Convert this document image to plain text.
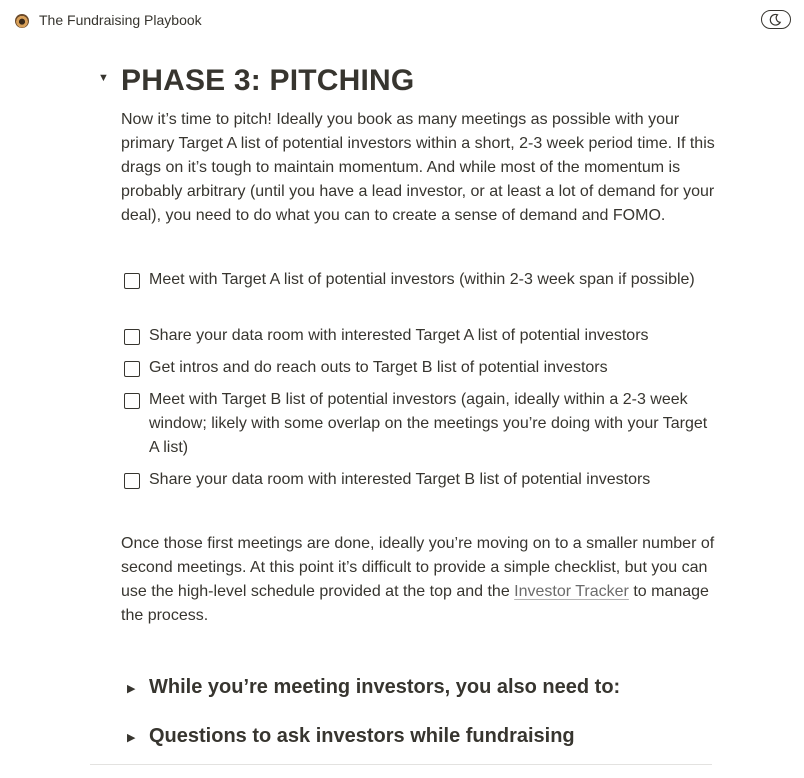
The Fundraising Playbook
▼ PHASE 3: PITCHING
Now it’s time to pitch! Ideally you book as many meetings as possible with your primary Target A list of potential investors within a short, 2-3 week period time. If this drags on it’s tough to maintain momentum. And while most of the momentum is probably arbitrary (until you have a lead investor, or at least a lot of demand for your deal), you need to do what you can to create a sense of demand and FOMO.
Meet with Target A list of potential investors (within 2-3 week span if possible)
Share your data room with interested Target A list of potential investors
Get intros and do reach outs to Target B list of potential investors
Meet with Target B list of potential investors (again, ideally within a 2-3 week window; likely with some overlap on the meetings you’re doing with your Target A list)
Share your data room with interested Target B list of potential investors
Once those first meetings are done, ideally you’re moving on to a smaller number of second meetings. At this point it’s difficult to provide a simple checklist, but you can use the high-level schedule provided at the top and the Investor Tracker to manage the process.
▶ While you’re meeting investors, you also need to:
▶ Questions to ask investors while fundraising
